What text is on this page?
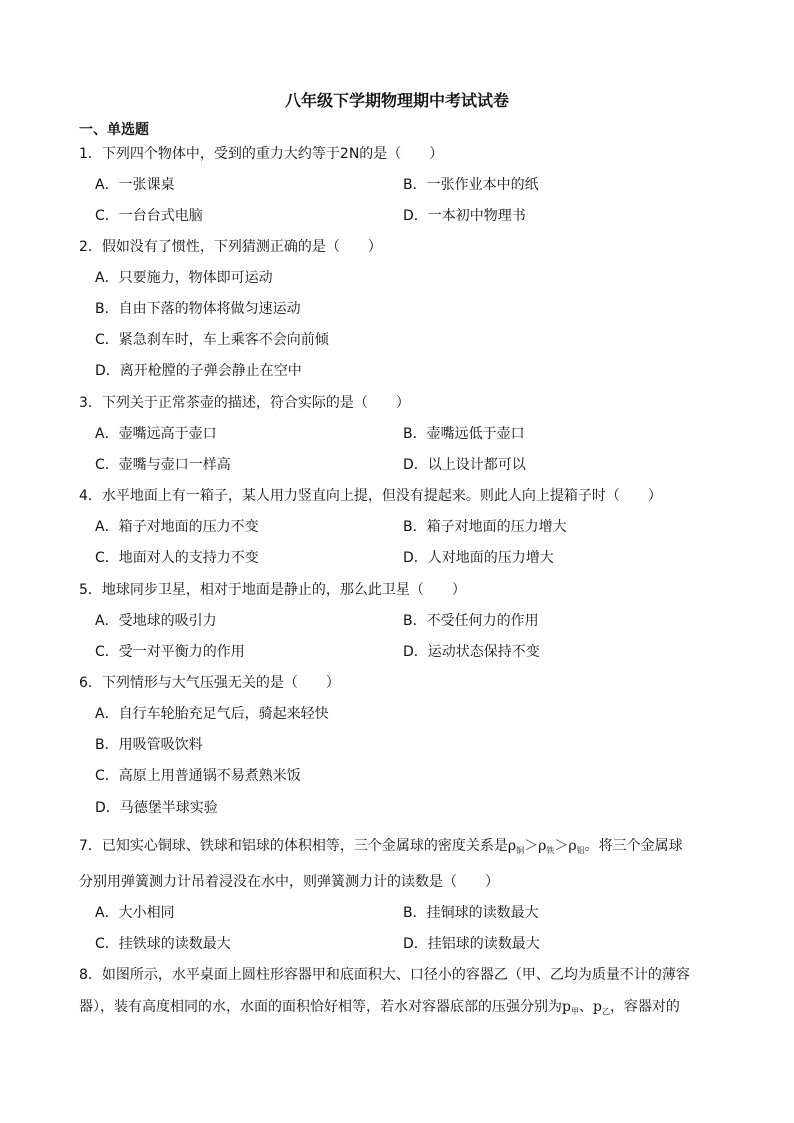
八年级下学期物理期中考试试卷
一、单选题
1．下列四个物体中，受到的重力大约等于2N的是（　　）
A．一张课桌	B．一张作业本中的纸
C．一台台式电脑	D．一本初中物理书
2．假如没有了惯性，下列猜测正确的是（　　）
A．只要施力，物体即可运动
B．自由下落的物体将做匀速运动
C．紧急刹车时，车上乘客不会向前倾
D．离开枪膛的子弹会静止在空中
3．下列关于正常茶壶的描述，符合实际的是（　　）
A．壶嘴远高于壶口	B．壶嘴远低于壶口
C．壶嘴与壶口一样高	D．以上设计都可以
4．水平地面上有一箱子，某人用力竖直向上提，但没有提起来。则此人向上提箱子时（　　）
A．箱子对地面的压力不变	B．箱子对地面的压力增大
C．地面对人的支持力不变	D．人对地面的压力增大
5．地球同步卫星，相对于地面是静止的，那么此卫星（　　）
A．受地球的吸引力	B．不受任何力的作用
C．受一对平衡力的作用	D．运动状态保持不变
6．下列情形与大气压强无关的是（　　）
A．自行车轮胎充足气后，骑起来轻快
B．用吸管吸饮料
C．高原上用普通锅不易煮熟米饭
D．马德堡半球实验
7．已知实心铜球、铁球和铝球的体积相等，三个金属球的密度关系是$\rho_铜>\rho_铁>\rho_铝$。将三个金属球
分别用弹簧测力计吊着浸没在水中，则弹簧测力计的读数是（　　）
A．大小相同	B．挂铜球的读数最大
C．挂铁球的读数最大	D．挂铝球的读数最大
8．如图所示，水平桌面上圆柱形容器甲和底面积大、口径小的容器乙（甲、乙均为质量不计的薄容
器），装有高度相同的水，水面的面积恰好相等，若水对容器底部的压强分别为$p_甲$、$p_乙$，容器对的
